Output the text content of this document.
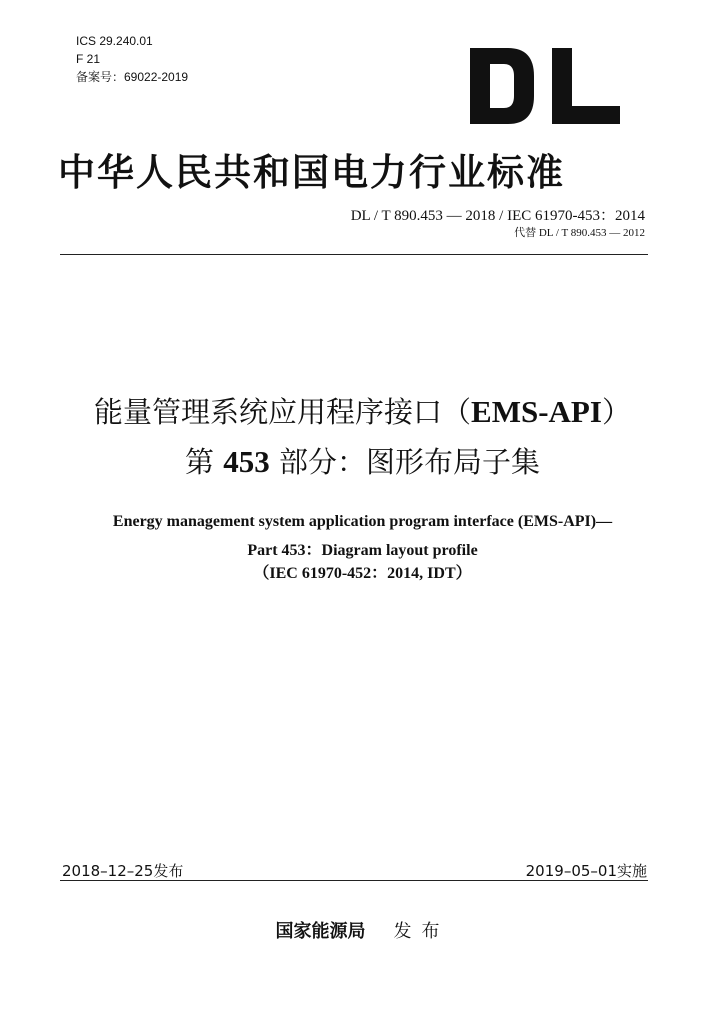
ICS 29.240.01
F 21
备案号：69022-2019
中华人民共和国电力行业标准
DL / T 890.453 — 2018 / IEC 61970-453：2014
代替 DL / T 890.453 — 2012
能量管理系统应用程序接口（EMS-API）
第 453 部分：图形布局子集
Energy management system application program interface (EMS-API)—
Part 453：Diagram layout profile
（IEC 61970-452：2014, IDT）
2018–12–25发布	2019–05–01实施
国家能源局 发布
